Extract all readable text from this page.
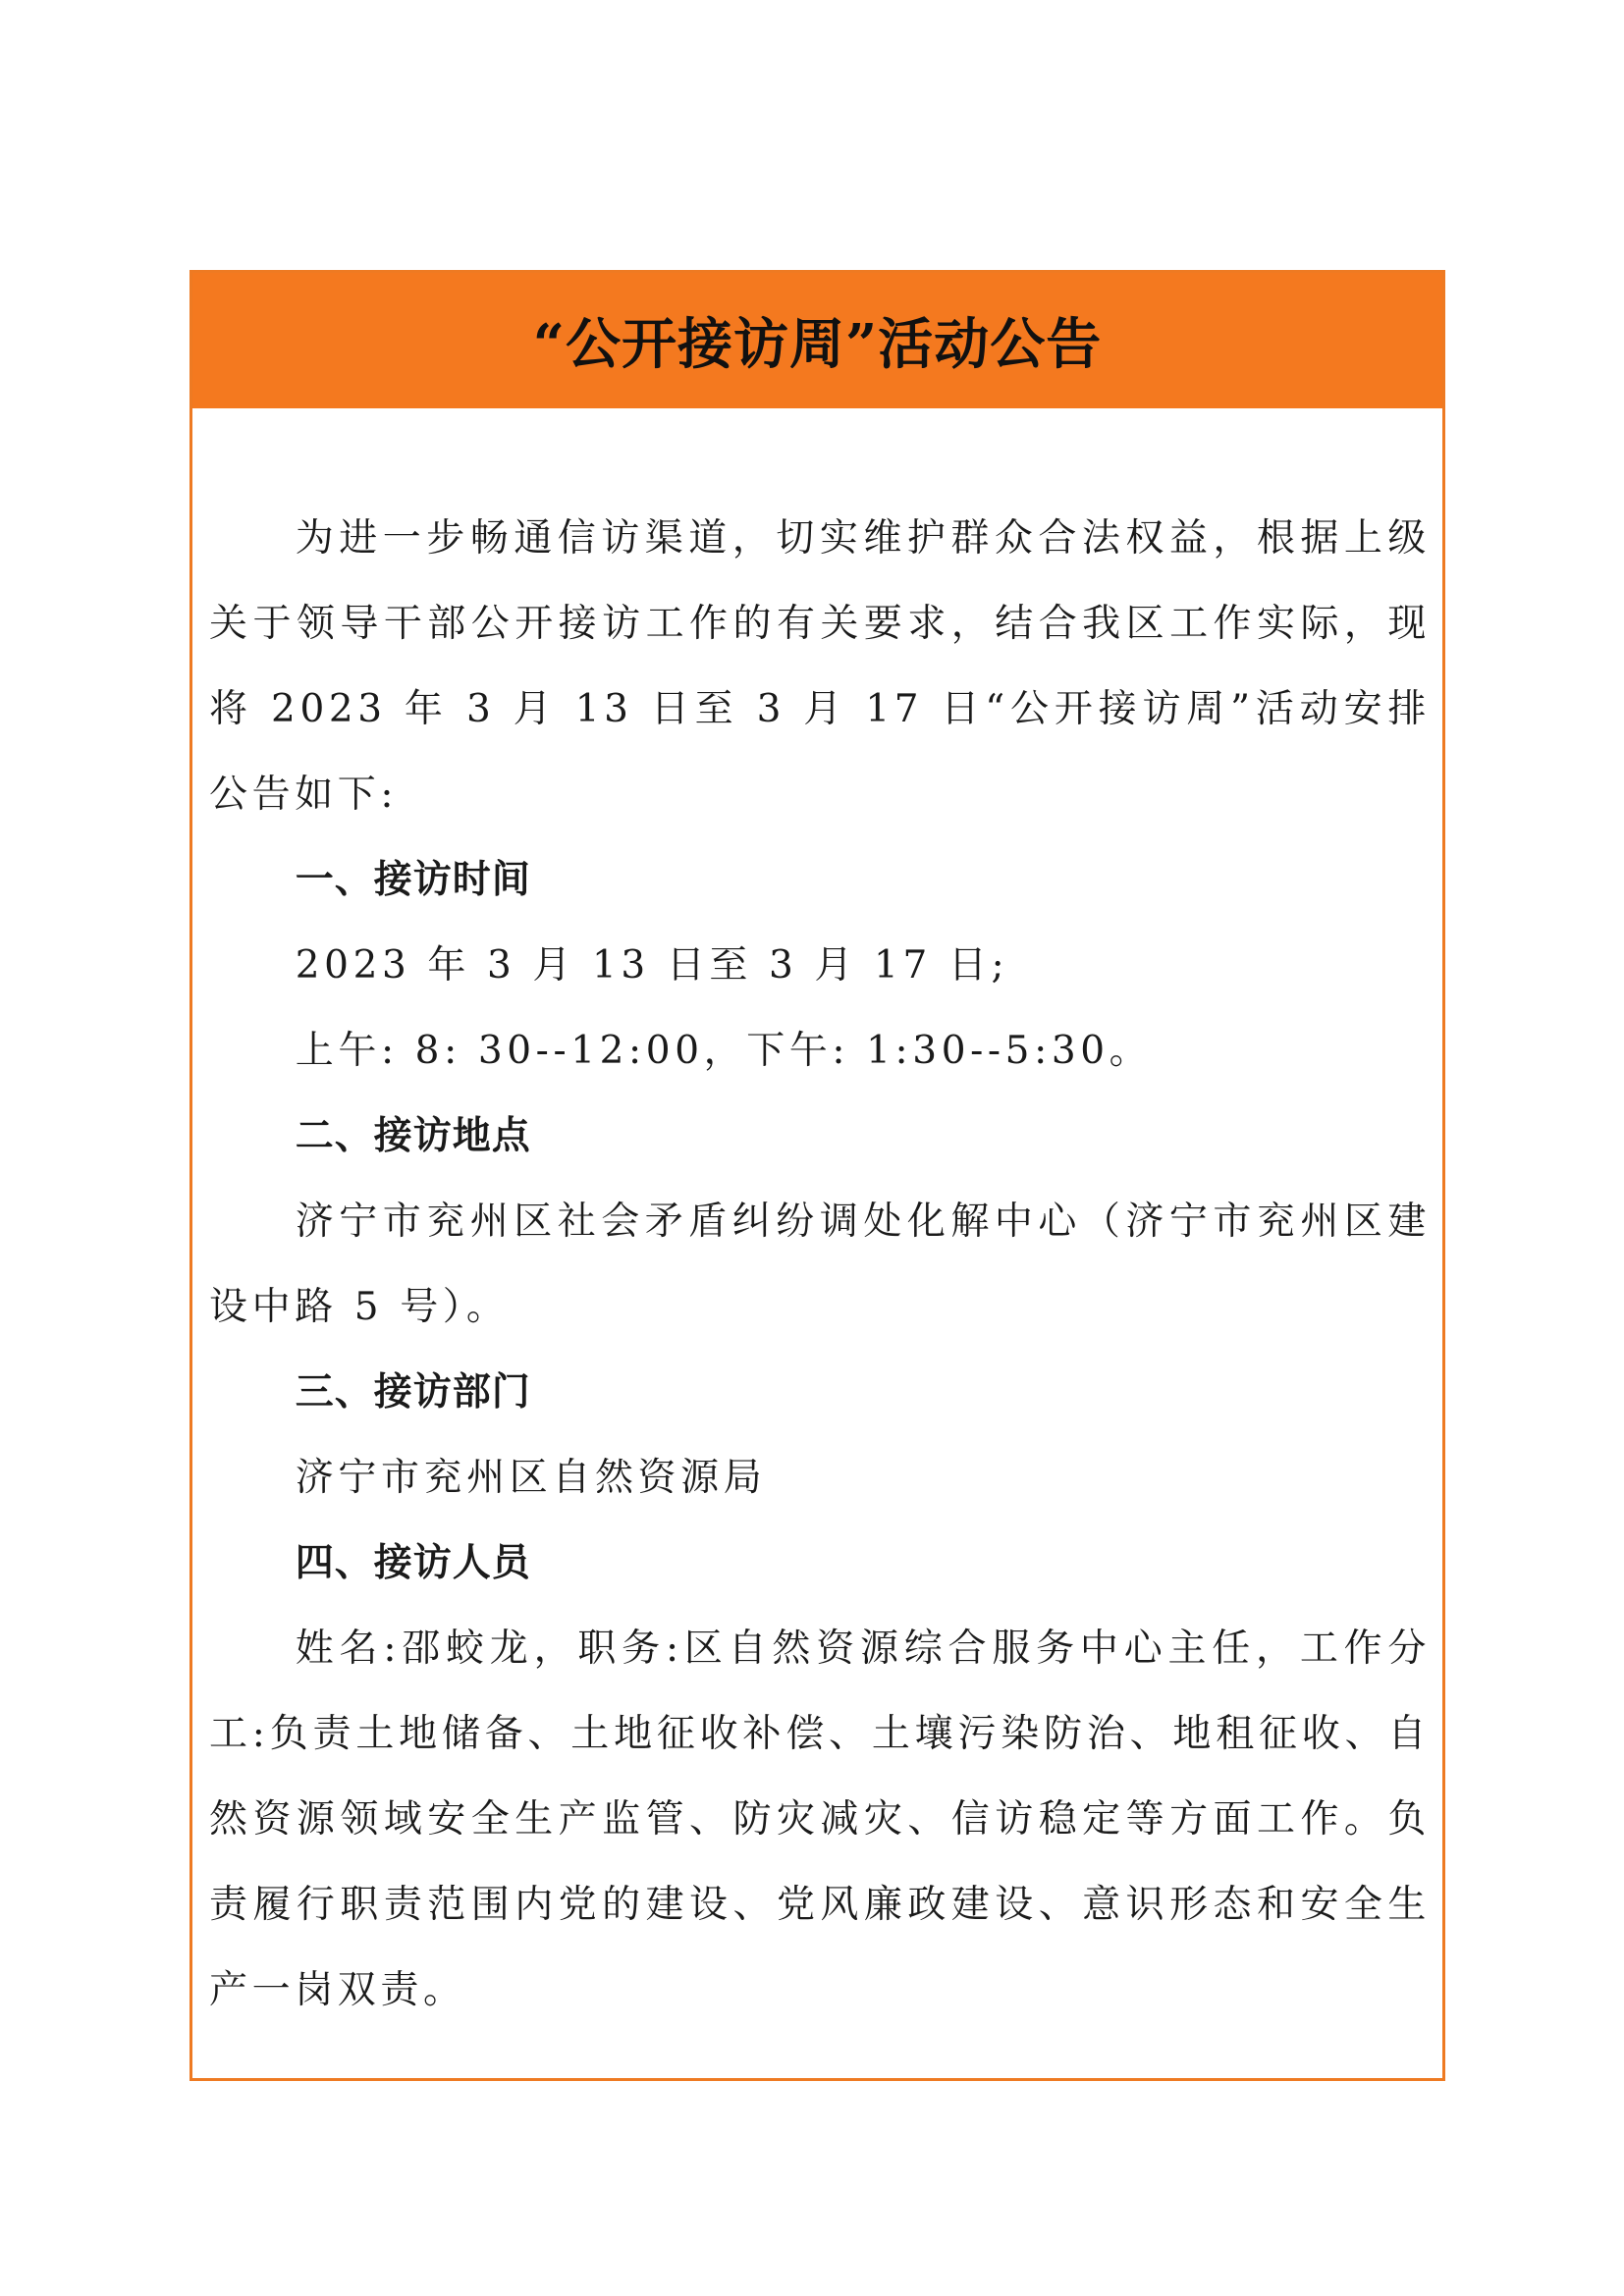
“公开接访周”活动公告

为进一步畅通信访渠道，切实维护群众合法权益，根据上级关于领导干部公开接访工作的有关要求，结合我区工作实际，现将 2023 年 3 月 13 日至 3 月 17 日“公开接访周”活动安排公告如下:

一、接访时间

2023 年 3 月 13 日至 3 月 17 日;

上午: 8: 30--12:00，下午: 1:30--5:30。

二、接访地点

济宁市兖州区社会矛盾纠纷调处化解中心（济宁市兖州区建设中路 5 号）。

三、接访部门

济宁市兖州区自然资源局

四、接访人员

姓名:邵蛟龙，职务:区自然资源综合服务中心主任，工作分工:负责土地储备、土地征收补偿、土壤污染防治、地租征收、自然资源领域安全生产监管、防灾减灾、信访稳定等方面工作。负责履行职责范围内党的建设、党风廉政建设、意识形态和安全生产一岗双责。
